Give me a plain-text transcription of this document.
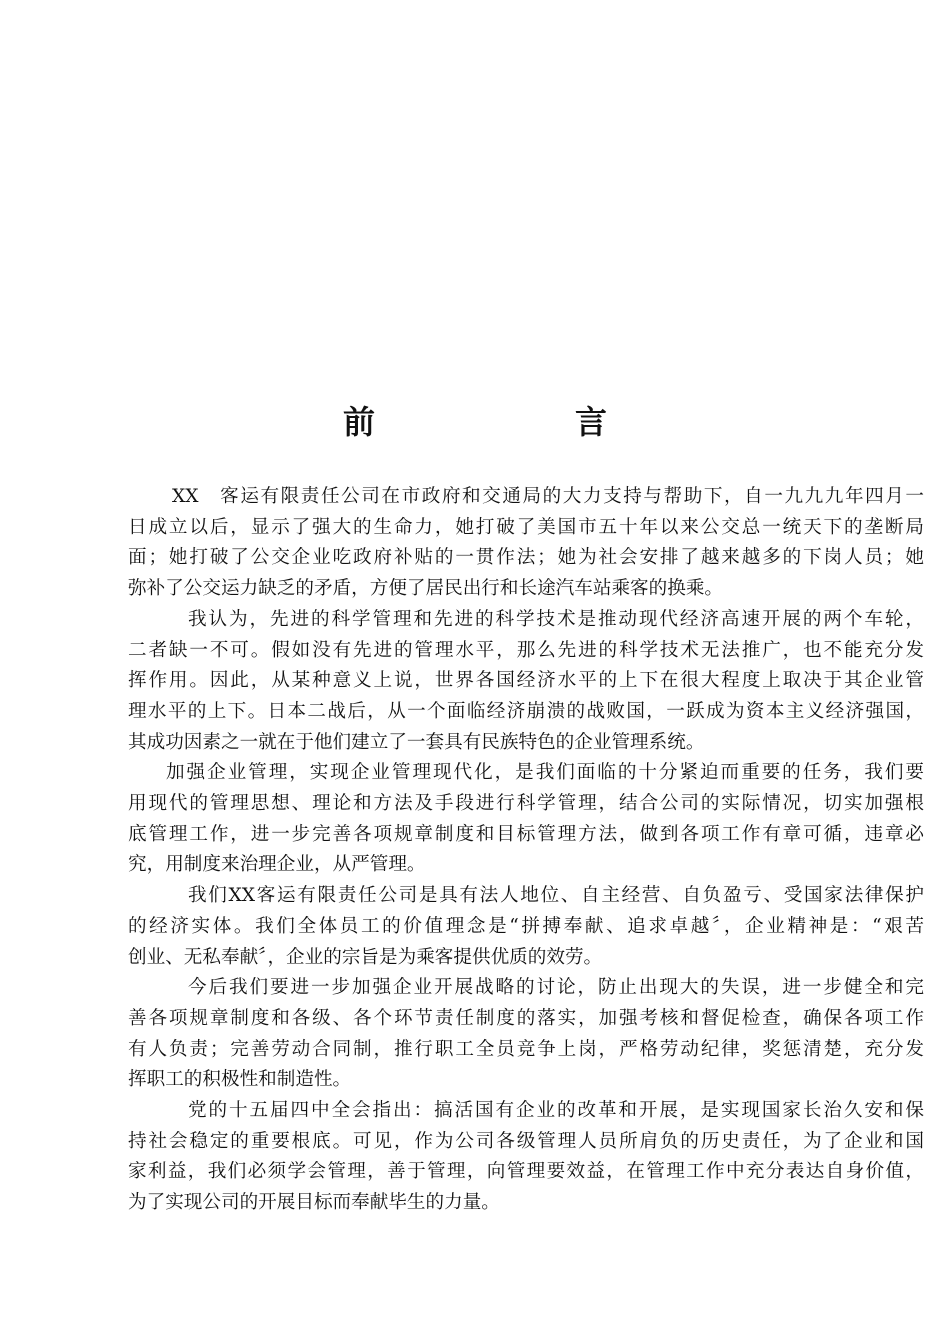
前　言
XX　客运有限责任公司在市政府和交通局的大力支持与帮助下，自一九九九年四月一
日成立以后，显示了强大的生命力，她打破了美国市五十年以来公交总一统天下的垄断局
面；她打破了公交企业吃政府补贴的一贯作法；她为社会安排了越来越多的下岗人员；她
弥补了公交运力缺乏的矛盾，方便了居民出行和长途汽车站乘客的换乘。
我认为，先进的科学管理和先进的科学技术是推动现代经济高速开展的两个车轮，
二者缺一不可。假如没有先进的管理水平，那么先进的科学技术无法推广，也不能充分发
挥作用。因此，从某种意义上说，世界各国经济水平的上下在很大程度上取决于其企业管
理水平的上下。日本二战后，从一个面临经济崩溃的战败国，一跃成为资本主义经济强国，
其成功因素之一就在于他们建立了一套具有民族特色的企业管理系统。
加强企业管理，实现企业管理现代化，是我们面临的十分紧迫而重要的任务，我们要
用现代的管理思想、理论和方法及手段进行科学管理，结合公司的实际情况，切实加强根
底管理工作，进一步完善各项规章制度和目标管理方法，做到各项工作有章可循，违章必
究，用制度来治理企业，从严管理。
我们XX客运有限责任公司是具有法人地位、自主经营、自负盈亏、受国家法律保护
的经济实体。我们全体员工的价值理念是“拼搏奉献、追求卓越〞，企业精神是：“艰苦
创业、无私奉献〞，企业的宗旨是为乘客提供优质的效劳。
今后我们要进一步加强企业开展战略的讨论，防止出现大的失误，进一步健全和完
善各项规章制度和各级、各个环节责任制度的落实，加强考核和督促检查，确保各项工作
有人负责；完善劳动合同制，推行职工全员竞争上岗，严格劳动纪律，奖惩清楚，充分发
挥职工的积极性和制造性。
党的十五届四中全会指出：搞活国有企业的改革和开展，是实现国家长治久安和保
持社会稳定的重要根底。可见，作为公司各级管理人员所肩负的历史责任，为了企业和国
家利益，我们必须学会管理，善于管理，向管理要效益，在管理工作中充分表达自身价值，
为了实现公司的开展目标而奉献毕生的力量。
